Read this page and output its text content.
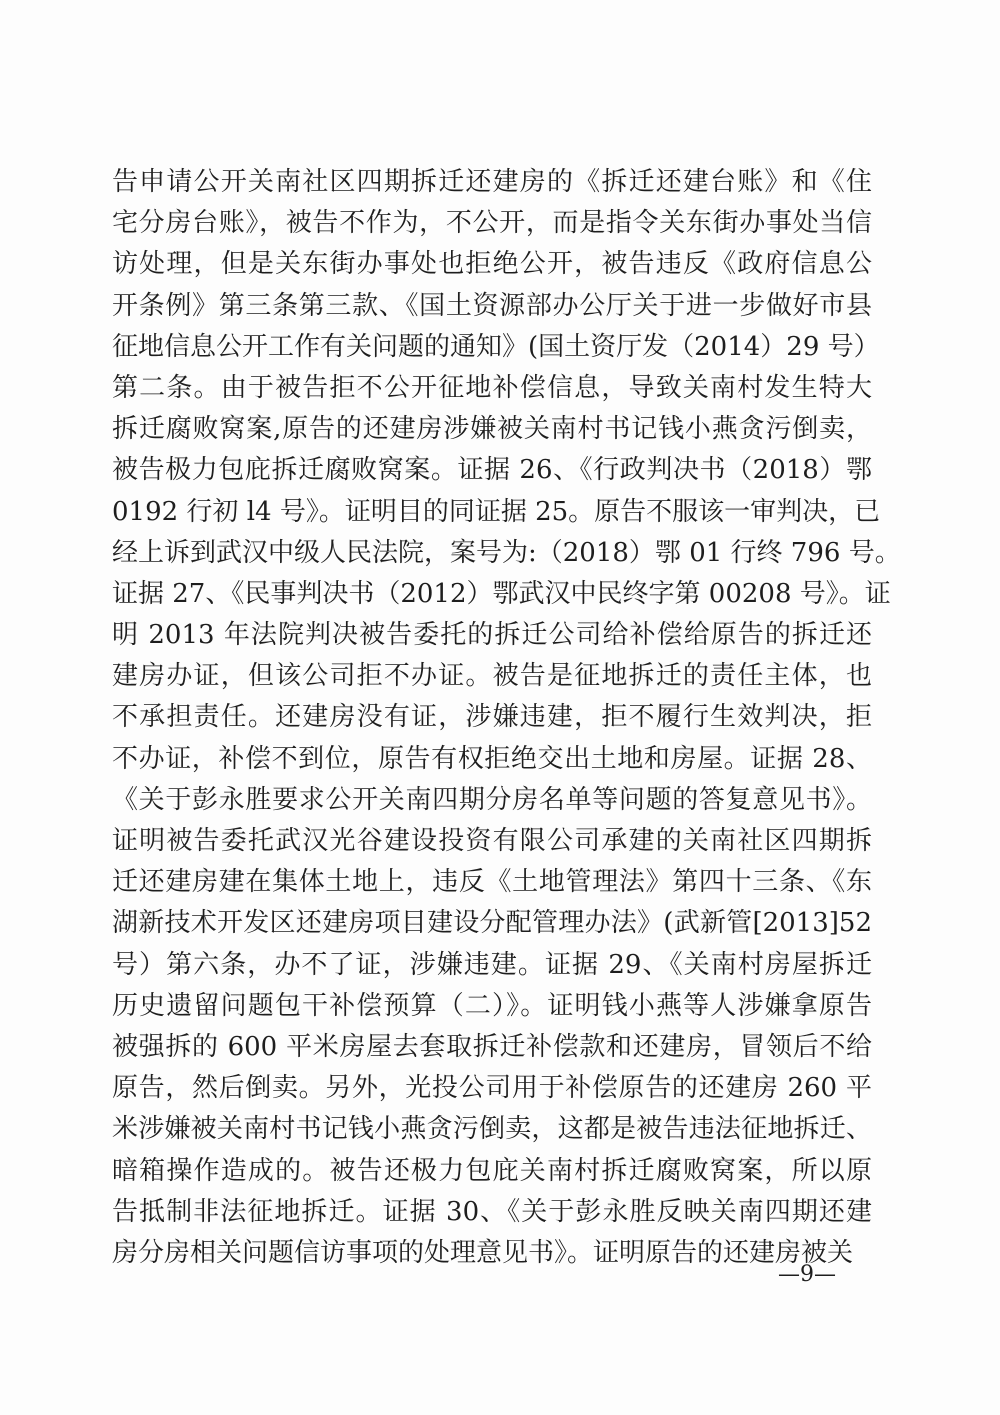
告申请公开关南社区四期拆迁还建房的《拆迁还建台账》和《住
宅分房台账》，被告不作为，不公开，而是指令关东街办事处当信
访处理，但是关东街办事处也拒绝公开，被告违反《政府信息公
开条例》第三条第三款、《国土资源部办公厅关于进一步做好市县
征地信息公开工作有关问题的通知》(国土资厅发（2014）29 号）
第二条。由于被告拒不公开征地补偿信息，导致关南村发生特大
拆迁腐败窝案,原告的还建房涉嫌被关南村书记钱小燕贪污倒卖，
被告极力包庇拆迁腐败窝案。证据 26、《行政判决书（2018）鄂
0192 行初 l4 号》。证明目的同证据 25。原告不服该一审判决，已
经上诉到武汉中级人民法院，案号为:（2018）鄂 01 行终 796 号。
证据 27、《民事判决书（2012）鄂武汉中民终字第 00208 号》。证
明 2013 年法院判决被告委托的拆迁公司给补偿给原告的拆迁还
建房办证，但该公司拒不办证。被告是征地拆迁的责任主体，也
不承担责任。还建房没有证，涉嫌违建，拒不履行生效判决，拒
不办证，补偿不到位，原告有权拒绝交出土地和房屋。证据 28、
《关于彭永胜要求公开关南四期分房名单等问题的答复意见书》。
证明被告委托武汉光谷建设投资有限公司承建的关南社区四期拆
迁还建房建在集体土地上，违反《土地管理法》第四十三条、《东
湖新技术开发区还建房项目建设分配管理办法》(武新管[2013]52
号）第六条，办不了证，涉嫌违建。证据 29、《关南村房屋拆迁
历史遗留问题包干补偿预算（二）》。证明钱小燕等人涉嫌拿原告
被强拆的 600 平米房屋去套取拆迁补偿款和还建房，冒领后不给
原告，然后倒卖。另外，光投公司用于补偿原告的还建房 260 平
米涉嫌被关南村书记钱小燕贪污倒卖，这都是被告违法征地拆迁、
暗箱操作造成的。被告还极力包庇关南村拆迁腐败窝案，所以原
告抵制非法征地拆迁。证据 30、《关于彭永胜反映关南四期还建
房分房相关问题信访事项的处理意见书》。证明原告的还建房被关
—9—
